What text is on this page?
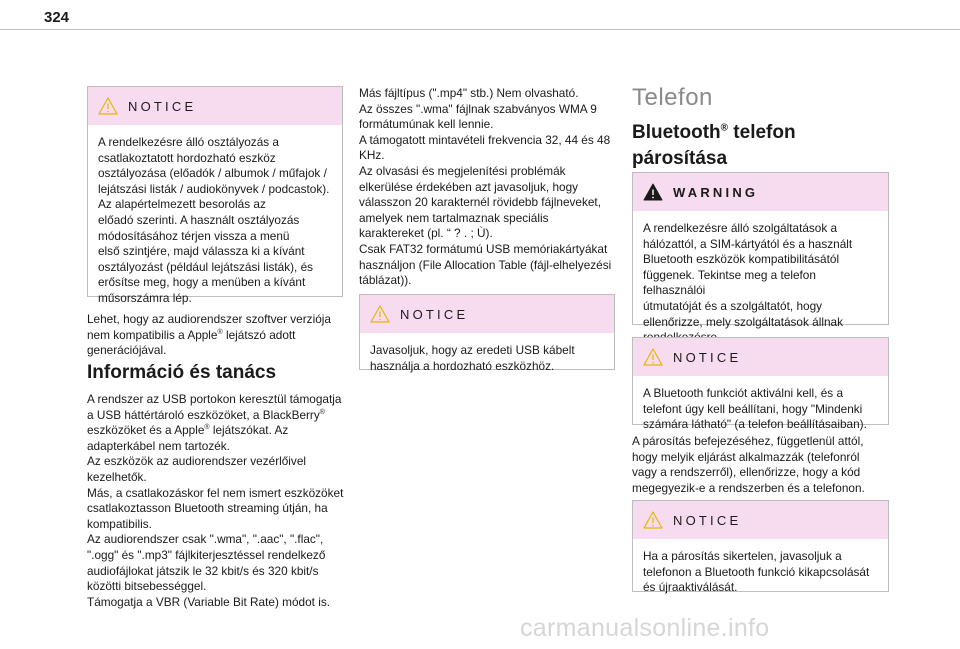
324
NOTICE
A rendelkezésre álló osztályozás a
csatlakoztatott hordozható eszköz
osztályozása (előadók / albumok / műfajok /
lejátszási listák / audiokönyvek / podcastok).
Az alapértelmezett besorolás az
előadó szerinti. A használt osztályozás
módosításához térjen vissza a menü
első szintjére, majd válassza ki a kívánt
osztályozást (például lejátszási listák), és
erősítse meg, hogy a menüben a kívánt
műsorszámra lép.
Lehet, hogy az audiorendszer szoftver verziója
nem kompatibilis a Apple® lejátszó adott
generációjával.
Információ és tanács
A rendszer az USB portokon keresztül támogatja
a USB háttértároló eszközöket, a BlackBerry®
eszközöket és a Apple® lejátszókat. Az
adapterkábel nem tartozék.
Az eszközök az audiorendszer vezérlőivel
kezelhetők.
Más, a csatlakozáskor fel nem ismert eszközöket
csatlakoztasson Bluetooth streaming útján, ha
kompatibilis.
Az audiorendszer csak ".wma", ".aac", ".flac",
".ogg" és ".mp3" fájlkiterjesztéssel rendelkező
audiofájlokat játszik le 32 kbit/s és 320 kbit/s
közötti bitsebességgel.
Támogatja a VBR (Variable Bit Rate) módot is.
Más fájltípus (".mp4" stb.) Nem olvasható.
Az összes ".wma" fájlnak szabványos WMA 9
formátumúnak kell lennie.
A támogatott mintavételi frekvencia 32, 44 és 48
KHz.
Az olvasási és megjelenítési problémák
elkerülése érdekében azt javasoljuk, hogy
válasszon 20 karakternél rövidebb fájlneveket,
amelyek nem tartalmaznak speciális
karaktereket (pl. “ ? . ; Ù).
Csak FAT32 formátumú USB memóriakártyákat
használjon (File Allocation Table (fájl-elhelyezési
táblázat)).
NOTICE
Javasoljuk, hogy az eredeti USB kábelt
használja a hordozható eszközhöz.
Telefon
Bluetooth® telefon
párosítása
WARNING
A rendelkezésre álló szolgáltatások a
hálózattól, a SIM-kártyától és a használt
Bluetooth eszközök kompatibilitásától
függenek. Tekintse meg a telefon felhasználói
útmutatóját és a szolgáltatót, hogy
ellenőrizze, mely szolgáltatások állnak

NOTICE
A Bluetooth funkciót aktiválni kell, és a
telefont úgy kell beállítani, hogy "Mindenki
számára látható" (a telefon beállításaiban).
A párosítás befejezéséhez, függetlenül attól,
hogy melyik eljárást alkalmazzák (telefonról
vagy a rendszerről), ellenőrizze, hogy a kód
megegyezik-e a rendszerben és a telefonon.
NOTICE
Ha a párosítás sikertelen, javasoljuk a
telefonon a Bluetooth funkció kikapcsolását
és újraaktiválását.
carmanualsonline.info
